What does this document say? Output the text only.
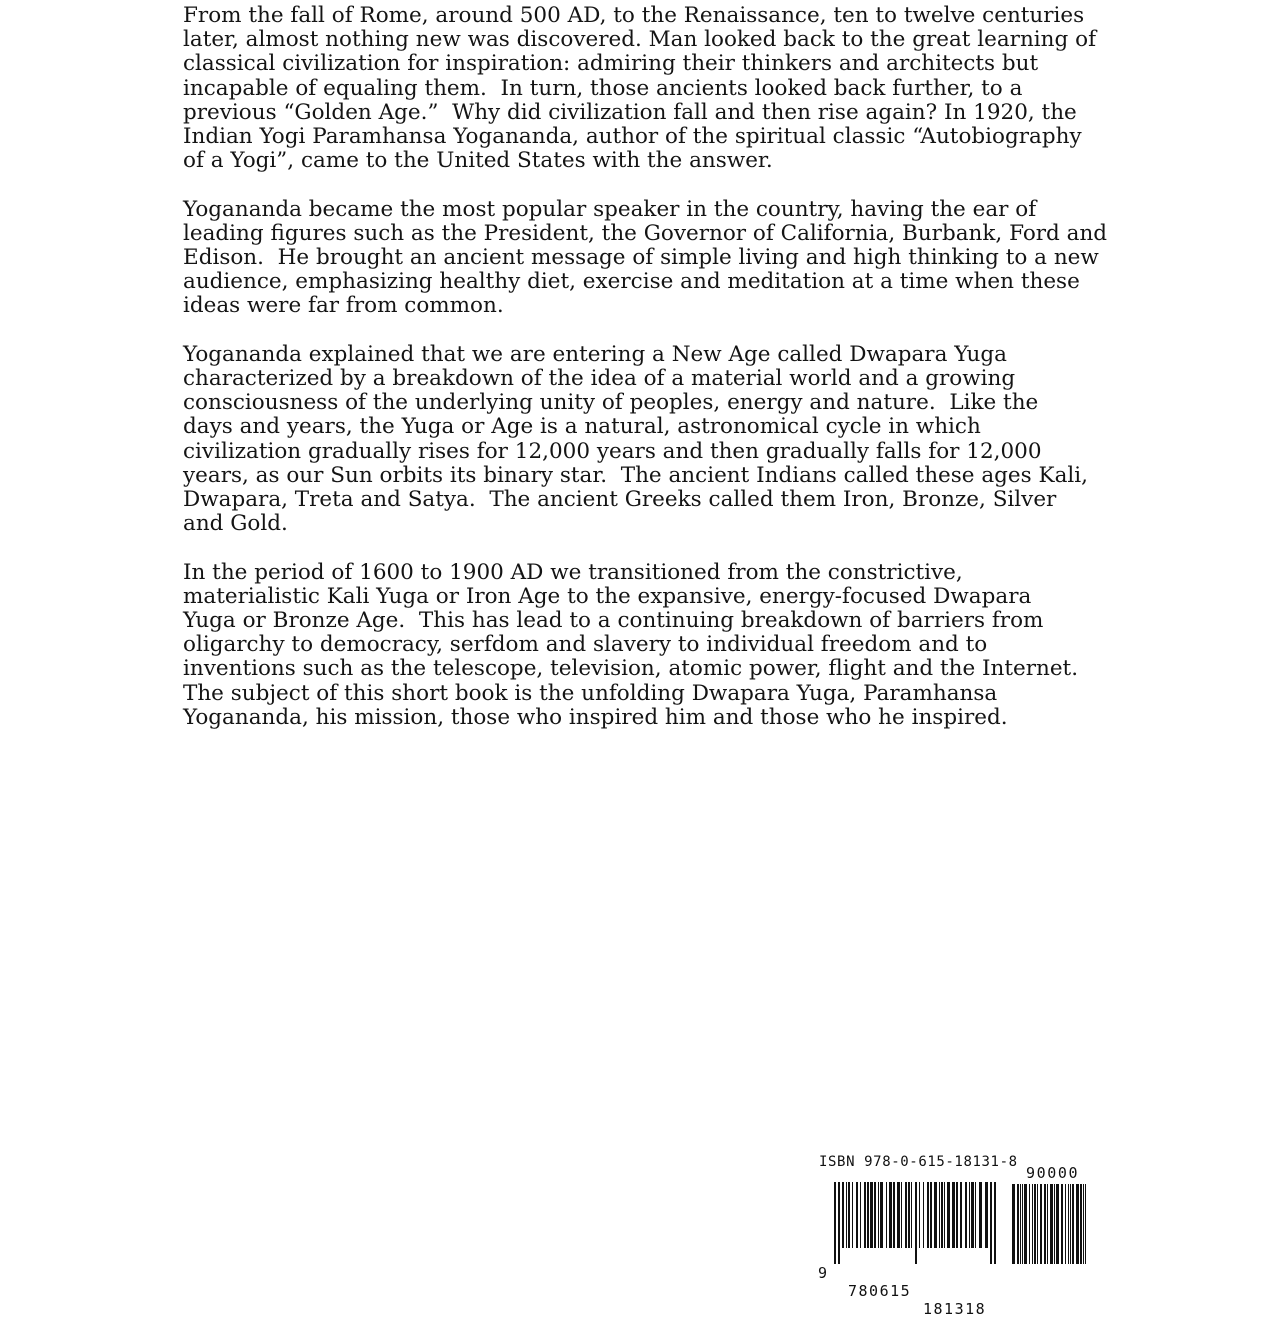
From the fall of Rome, around 500 AD, to the Renaissance, ten to twelve centuries
later, almost nothing new was discovered. Man looked back to the great learning of
classical civilization for inspiration: admiring their thinkers and architects but
incapable of equaling them.  In turn, those ancients looked back further, to a
previous “Golden Age.”  Why did civilization fall and then rise again? In 1920, the
Indian Yogi Paramhansa Yogananda, author of the spiritual classic “Autobiography
of a Yogi”, came to the United States with the answer.

Yogananda became the most popular speaker in the country, having the ear of
leading figures such as the President, the Governor of California, Burbank, Ford and
Edison.  He brought an ancient message of simple living and high thinking to a new
audience, emphasizing healthy diet, exercise and meditation at a time when these
ideas were far from common.

Yogananda explained that we are entering a New Age called Dwapara Yuga
characterized by a breakdown of the idea of a material world and a growing
consciousness of the underlying unity of peoples, energy and nature.  Like the
days and years, the Yuga or Age is a natural, astronomical cycle in which
civilization gradually rises for 12,000 years and then gradually falls for 12,000
years, as our Sun orbits its binary star.  The ancient Indians called these ages Kali,
Dwapara, Treta and Satya.  The ancient Greeks called them Iron, Bronze, Silver
and Gold.

In the period of 1600 to 1900 AD we transitioned from the constrictive,
materialistic Kali Yuga or Iron Age to the expansive, energy-focused Dwapara
Yuga or Bronze Age.  This has lead to a continuing breakdown of barriers from
oligarchy to democracy, serfdom and slavery to individual freedom and to
inventions such as the telescope, television, atomic power, flight and the Internet.
The subject of this short book is the unfolding Dwapara Yuga, Paramhansa
Yogananda, his mission, those who inspired him and those who he inspired.

ISBN 978-0-615-18131-8
90000

9

780615

181318
